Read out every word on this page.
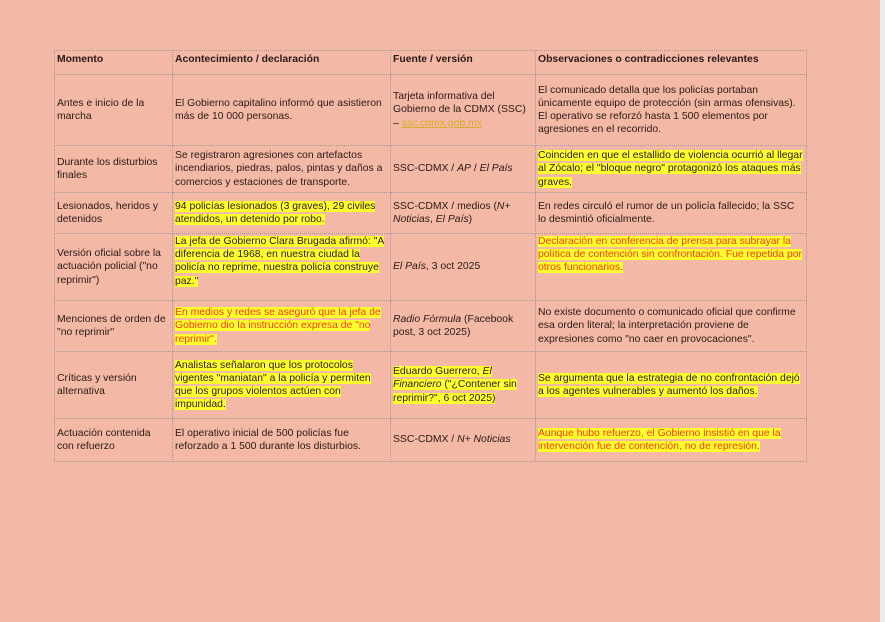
Momento	Acontecimiento / declaración	Fuente / versión	Observaciones o contradicciones relevantes
Antes e inicio de la marcha	El Gobierno capitalino informó que asistieron más de 10 000 personas.	Tarjeta informativa del Gobierno de la CDMX (SSC) – ssc.cdmx.gob.mx	El comunicado detalla que los policías portaban únicamente equipo de protección (sin armas ofensivas). El operativo se reforzó hasta 1 500 elementos por agresiones en el recorrido.
Durante los disturbios finales	Se registraron agresiones con artefactos incendiarios, piedras, palos, pintas y daños a comercios y estaciones de transporte.	SSC-CDMX / AP / El País	Coinciden en que el estallido de violencia ocurrió al llegar al Zócalo; el "bloque negro" protagonizó los ataques más graves.
Lesionados, heridos y detenidos	94 policías lesionados (3 graves), 29 civiles atendidos, un detenido por robo.	SSC-CDMX / medios (N+ Noticias, El País)	En redes circuló el rumor de un policía fallecido; la SSC lo desmintió oficialmente.
Versión oficial sobre la actuación policial ("no reprimir")	La jefa de Gobierno Clara Brugada afirmó: "A diferencia de 1968, en nuestra ciudad la policía no reprime, nuestra policía construye paz."	El País, 3 oct 2025	Declaración en conferencia de prensa para subrayar la política de contención sin confrontación. Fue repetida por otros funcionarios.
Menciones de orden de "no reprimir"	En medios y redes se aseguró que la jefa de Gobierno dio la instrucción expresa de "no reprimir".	Radio Fórmula (Facebook post, 3 oct 2025)	No existe documento o comunicado oficial que confirme esa orden literal; la interpretación proviene de expresiones como "no caer en provocaciones".
Críticas y versión alternativa	Analistas señalaron que los protocolos vigentes "maniatan" a la policía y permiten que los grupos violentos actúen con impunidad.	Eduardo Guerrero, El Financiero ("¿Contener sin reprimir?", 6 oct 2025)	Se argumenta que la estrategia de no confrontación dejó a los agentes vulnerables y aumentó los daños.
Actuación contenida con refuerzo	El operativo inicial de 500 policías fue reforzado a 1 500 durante los disturbios.	SSC-CDMX / N+ Noticias	Aunque hubo refuerzo, el Gobierno insistió en que la intervención fue de contención, no de represión.
